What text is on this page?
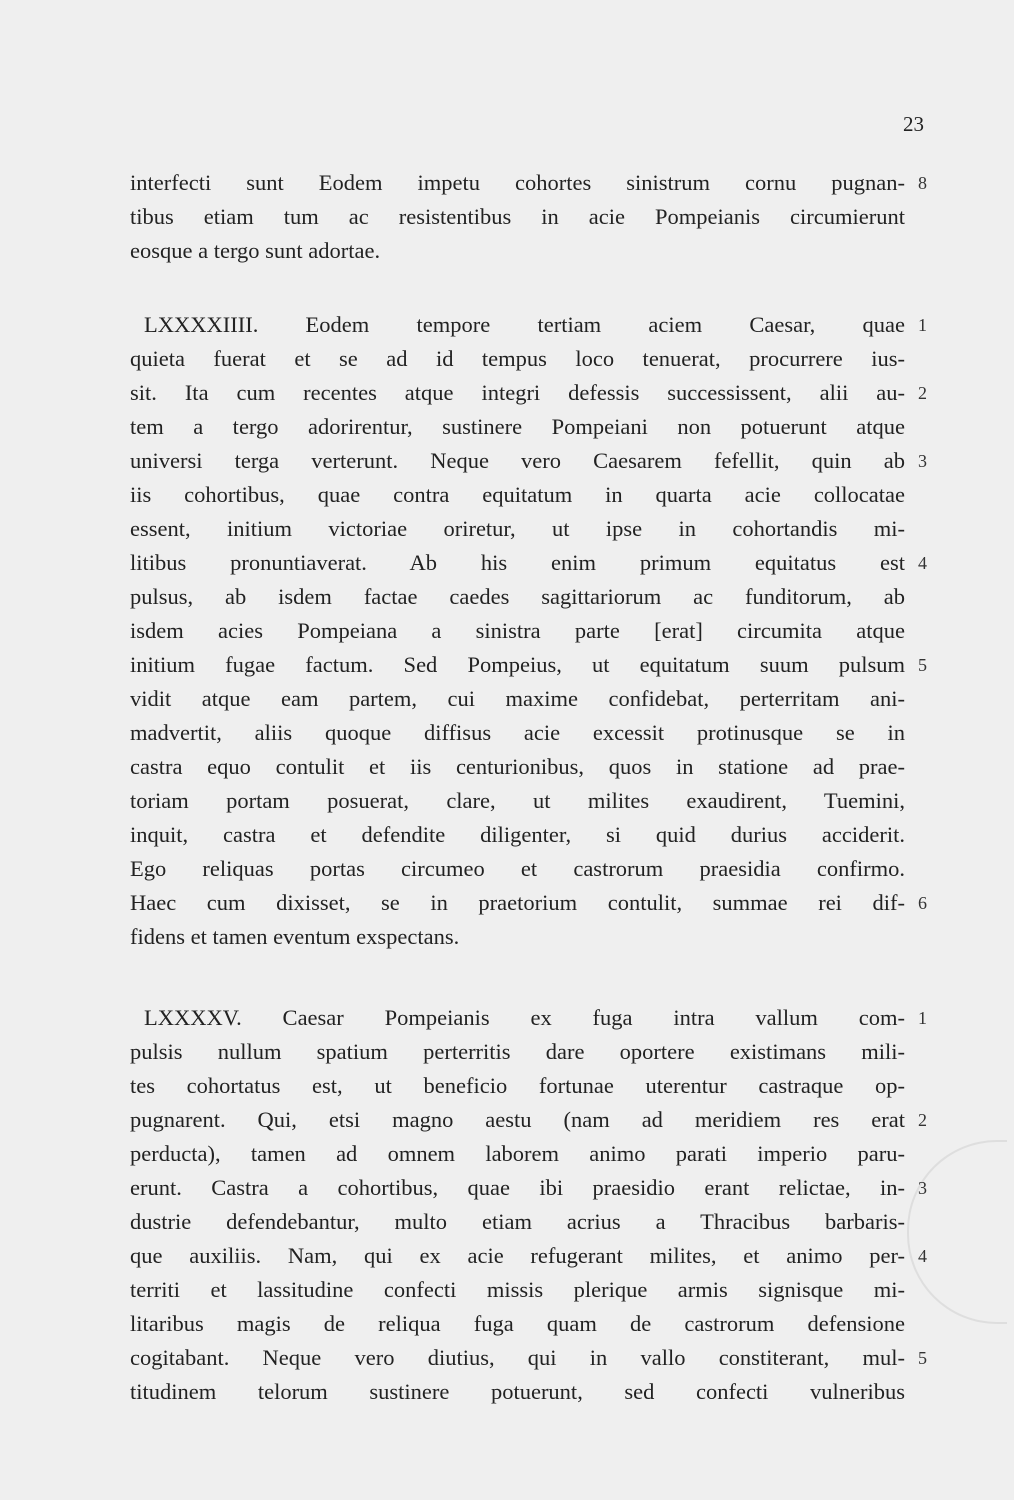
23
interfecti sunt Eodem impetu cohortes sinistrum cornu pugnan- 8
tibus etiam tum ac resistentibus in acie Pompeianis circumierunt
eosque a tergo sunt adortae.
LXXXXIIII. Eodem tempore tertiam aciem Caesar, quae 1
quieta fuerat et se ad id tempus loco tenuerat, procurrere ius-
sit. Ita cum recentes atque integri defessis successissent, alii au- 2
tem a tergo adorirentur, sustinere Pompeiani non potuerunt atque
universi terga verterunt. Neque vero Caesarem fefellit, quin ab 3
iis cohortibus, quae contra equitatum in quarta acie collocatae
essent, initium victoriae oriretur, ut ipse in cohortandis mi-
litibus pronuntiaverat. Ab his enim primum equitatus est 4
pulsus, ab isdem factae caedes sagittariorum ac funditorum, ab
isdem acies Pompeiana a sinistra parte [erat] circumita atque
initium fugae factum. Sed Pompeius, ut equitatum suum pulsum 5
vidit atque eam partem, cui maxime confidebat, perterritam ani-
madvertit, aliis quoque diffisus acie excessit protinusque se in
castra equo contulit et iis centurionibus, quos in statione ad prae-
toriam portam posuerat, clare, ut milites exaudirent, Tuemini,
inquit, castra et defendite diligenter, si quid durius acciderit.
Ego reliquas portas circumeo et castrorum praesidia confirmo.
Haec cum dixisset, se in praetorium contulit, summae rei dif- 6
fidens et tamen eventum exspectans.
LXXXXV. Caesar Pompeianis ex fuga intra vallum com- 1
pulsis nullum spatium perterritis dare oportere existimans mili-
tes cohortatus est, ut beneficio fortunae uterentur castraque op-
pugnarent. Qui, etsi magno aestu (nam ad meridiem res erat 2
perducta), tamen ad omnem laborem animo parati imperio paru-
erunt. Castra a cohortibus, quae ibi praesidio erant relictae, in- 3
dustrie defendebantur, multo etiam acrius a Thracibus barbaris-
que auxiliis. Nam, qui ex acie refugerant milites, et animo per- 4
territi et lassitudine confecti missis plerique armis signisque mi-
litaribus magis de reliqua fuga quam de castrorum defensione
cogitabant. Neque vero diutius, qui in vallo constiterant, mul- 5
titudinem telorum sustinere potuerunt, sed confecti vulneribus
